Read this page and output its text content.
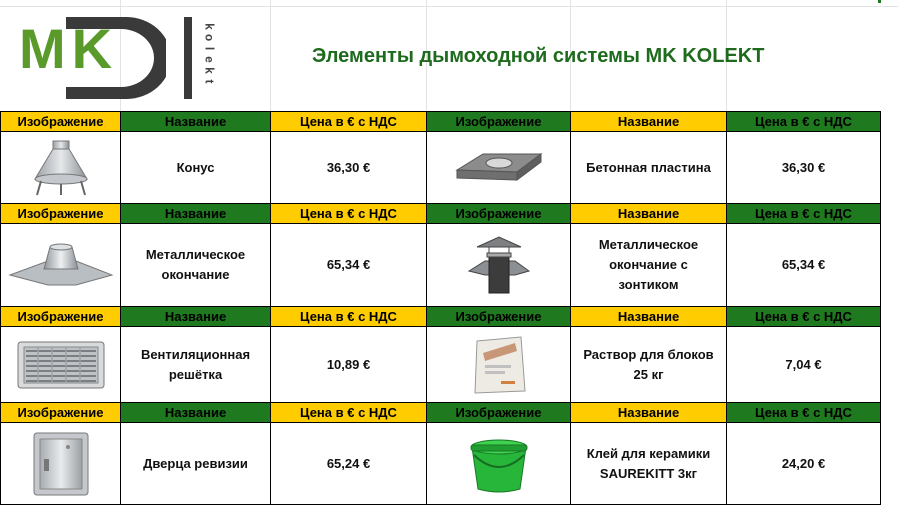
MK	k
o
l
e
k
t
Элементы дымоходной системы MK KOLEKT
Изображение	Название	Цена в € с НДС	Изображение	Название	Цена в € с НДС

	Конус	36,30 €		Бетонная пластина	36,30 €
Изображение	Название	Цена в € с НДС	Изображение	Название	Цена в € с НДС

	Металлическое окончание	65,34 €		Металлическое окончание с зонтиком	65,34 €
Изображение	Название	Цена в € с НДС	Изображение	Название	Цена в € с НДС

	Вентиляционная решётка	10,89 €		Раствор для блоков 25 кг	7,04 €
Изображение	Название	Цена в € с НДС	Изображение	Название	Цена в € с НДС

	Дверца ревизии	65,24 €		Клей для керамики SAUREKITT 3кг	24,20 €
